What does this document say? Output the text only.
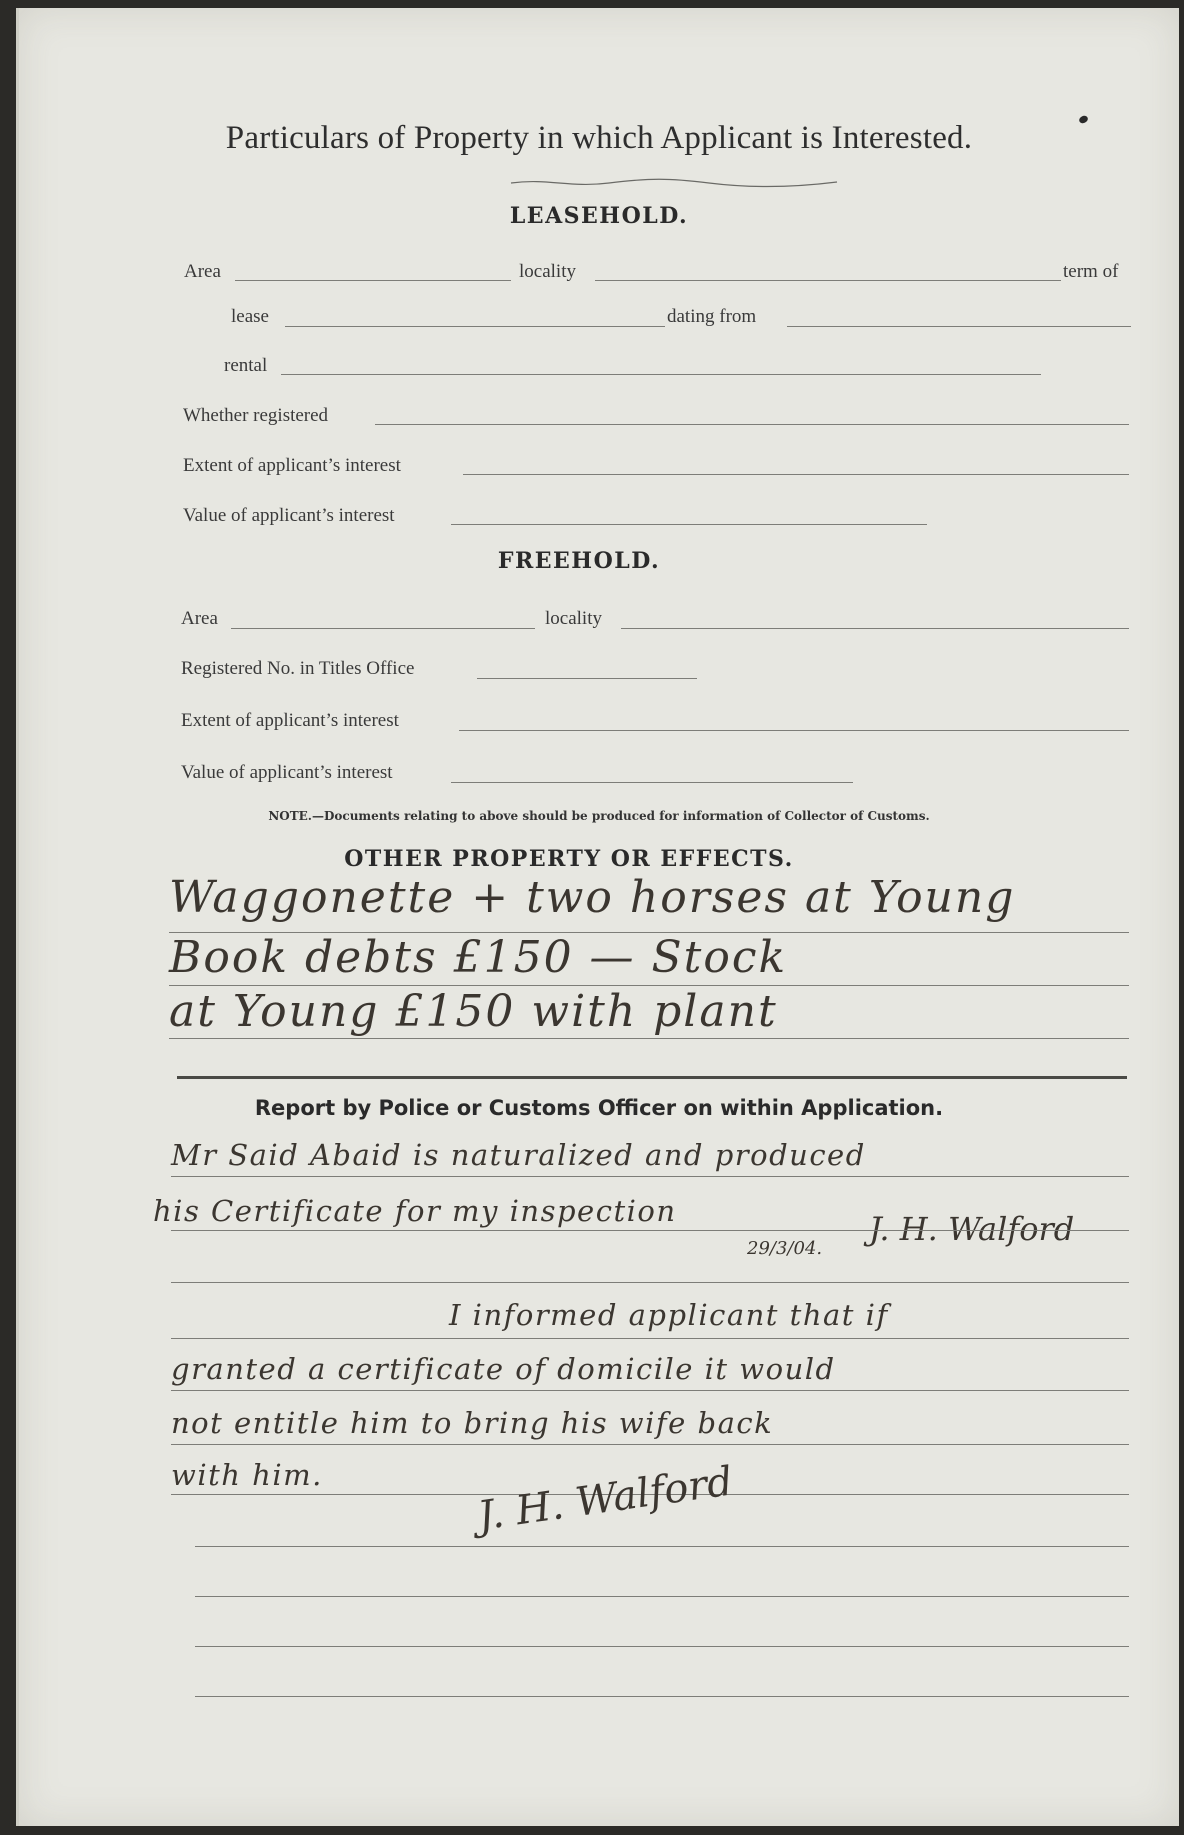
Particulars of Property in which Applicant is Interested.
LEASEHOLD.
Area	locality	term of
lease	dating from
rental
Whether registered
Extent of applicant’s interest
Value of applicant’s interest
FREEHOLD.
Area	locality
Registered No. in Titles Office
Extent of applicant’s interest
Value of applicant’s interest
NOTE.—Documents relating to above should be produced for information of Collector of Customs.
OTHER PROPERTY OR EFFECTS.
Waggonette + two horses at Young
Book debts £150 — Stock
at Young £150 with plant
Report by Police or Customs Officer on within Application.
Mr Said Abaid is naturalized and produced
his Certificate for my inspection
29/3/04.
J. H. Walford
I informed applicant that if
granted a certificate of domicile it would
not entitle him to bring his wife back
with him.	J. H. Walford
